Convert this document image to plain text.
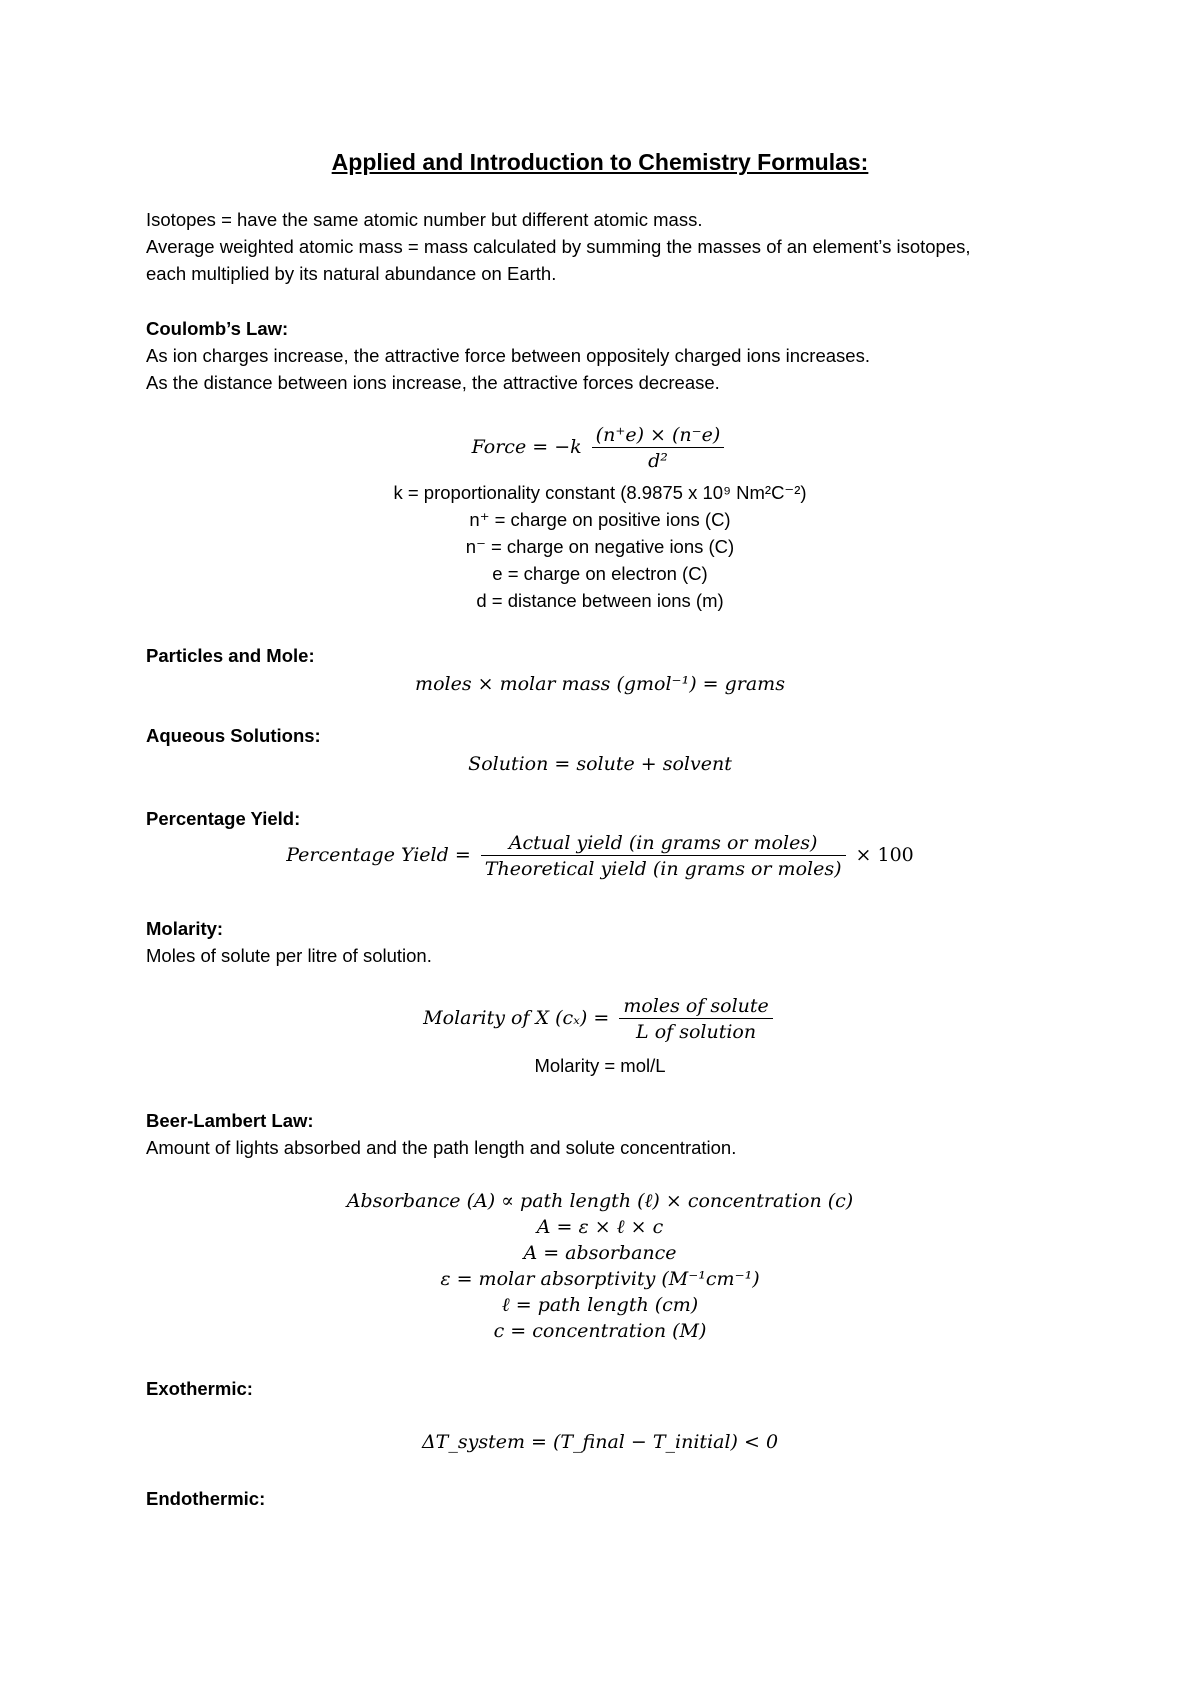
Applied and Introduction to Chemistry Formulas:
Isotopes = have the same atomic number but different atomic mass.
Average weighted atomic mass = mass calculated by summing the masses of an element’s isotopes,
each multiplied by its natural abundance on Earth.
Coulomb’s Law:
As ion charges increase, the attractive force between oppositely charged ions increases.
As the distance between ions increase, the attractive forces decrease.
Force = $-k \frac{(n^+e) \times (n^-e)}{\text{d²}}$
k = proportionality constant (8.9875 x 10⁹ Nm²C⁻²)
n⁺ = charge on positive ions (C)
n⁻ = charge on negative ions (C)
e = charge on electron (C)
d = distance between ions (m)
Particles and Mole:
moles × molar mass (gmol⁻¹) = grams
Aqueous Solutions:
Solution = solute + solvent
Percentage Yield:
Percentage Yield = $\frac{\text{Actual yield (in grams or moles)}}{\text{Theoretical yield (in grams or moles)}} \times 100$
Molarity:
Moles of solute per litre of solution.
Molarity of X $(c_x) = \frac{\text{moles of solute}}{\text{L of solution}}$
Molarity = mol/L
Beer-Lambert Law:
Amount of lights absorbed and the path length and solute concentration.
Absorbance (A) ∝ path length (ℓ) × concentration (c)
A = ε × ℓ × c
A = absorbance
ε = molar absorptivity (M⁻¹cm⁻¹)
ℓ = path length (cm)
c = concentration (M)
Exothermic:
ΔT_system = (T_final − T_initial) < 0
Endothermic:
